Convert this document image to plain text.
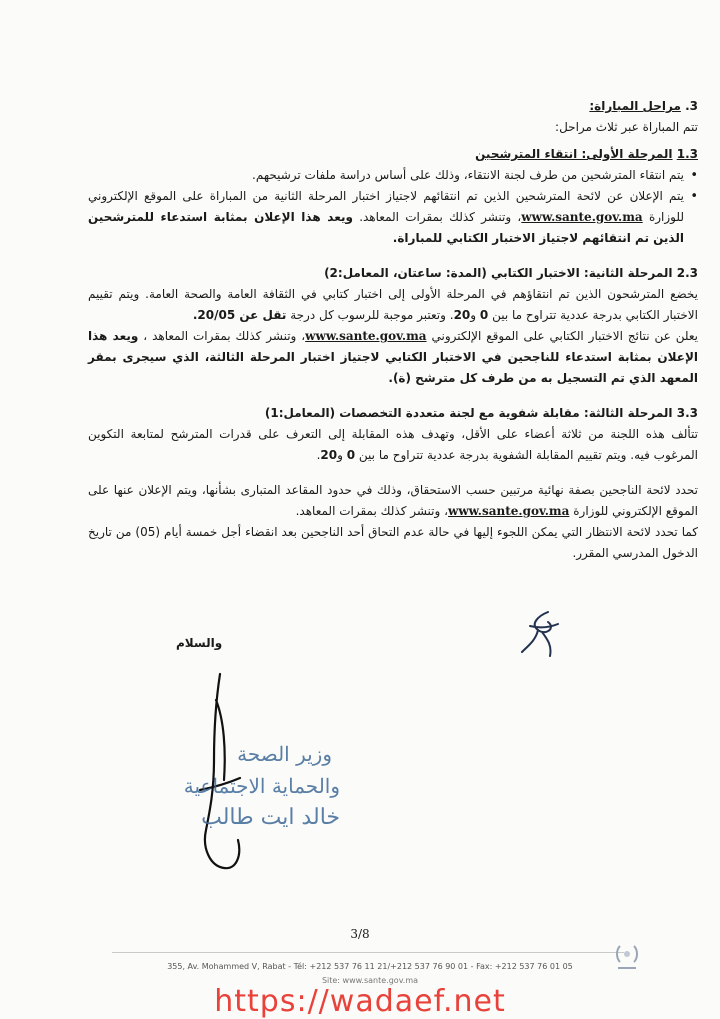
3. مراحل المباراة:

تتم المباراة عبر ثلاث مراحل:

1.3 المرحلة الأولى: انتقاء المترشحين

• يتم انتقاء المترشحين من طرف لجنة الانتقاء، وذلك على أساس دراسة ملفات ترشيحهم.
• يتم الإعلان عن لائحة المترشحين الذين تم انتقائهم لاجتياز اختبار المرحلة الثانية من المباراة على الموقع الإلكتروني للوزارة www.sante.gov.ma، وتنشر كذلك بمقرات المعاهد. ويعد هذا الإعلان بمثابة استدعاء للمترشحين الذين تم انتقائهم لاجتياز الاختبار الكتابي للمباراة.

2.3 المرحلة الثانية: الاختبار الكتابي (المدة: ساعتان، المعامل:2)

يخضع المترشحون الذين تم انتقاؤهم في المرحلة الأولى إلى اختبار كتابي في الثقافة العامة والصحة العامة. ويتم تقييم الاختبار الكتابي بدرجة عددية تتراوح ما بين 0 و20. وتعتبر موجبة للرسوب كل درجة تقل عن 20/05.

يعلن عن نتائج الاختبار الكتابي على الموقع الإلكتروني www.sante.gov.ma، وتنشر كذلك بمقرات المعاهد ، ويعد هذا الإعلان بمثابة استدعاء للناجحين في الاختبار الكتابي لاجتياز اختبار المرحلة الثالثة، الذي سيجرى بمقر المعهد الذي تم التسجيل به من طرف كل مترشح (ة).

3.3 المرحلة الثالثة: مقابلة شفوية مع لجنة متعددة التخصصات (المعامل:1)

تتألف هذه اللجنة من ثلاثة أعضاء على الأقل، وتهدف هذه المقابلة إلى التعرف على قدرات المترشح لمتابعة التكوين المرغوب فيه. ويتم تقييم المقابلة الشفوية بدرجة عددية تتراوح ما بين 0 و20.

تحدد لائحة الناجحين بصفة نهائية مرتبين حسب الاستحقاق، وذلك في حدود المقاعد المتبارى بشأنها، ويتم الإعلان عنها على الموقع الإلكتروني للوزارة www.sante.gov.ma، وتنشر كذلك بمقرات المعاهد.

كما تحدد لائحة الانتظار التي يمكن اللجوء إليها في حالة عدم التحاق أحد الناجحين بعد انقضاء أجل خمسة أيام (05) من تاريخ الدخول المدرسي المقرر.

والسلام
وزير الصحة
والحماية الاجتماعية
خالد ايت طالب
3/8
355, Av. Mohammed V, Rabat - Tél: +212 537 76 11 21/+212 537 76 90 01 - Fax: +212 537 76 01 05
Site: www.sante.gov.ma
https://wadaef.net
